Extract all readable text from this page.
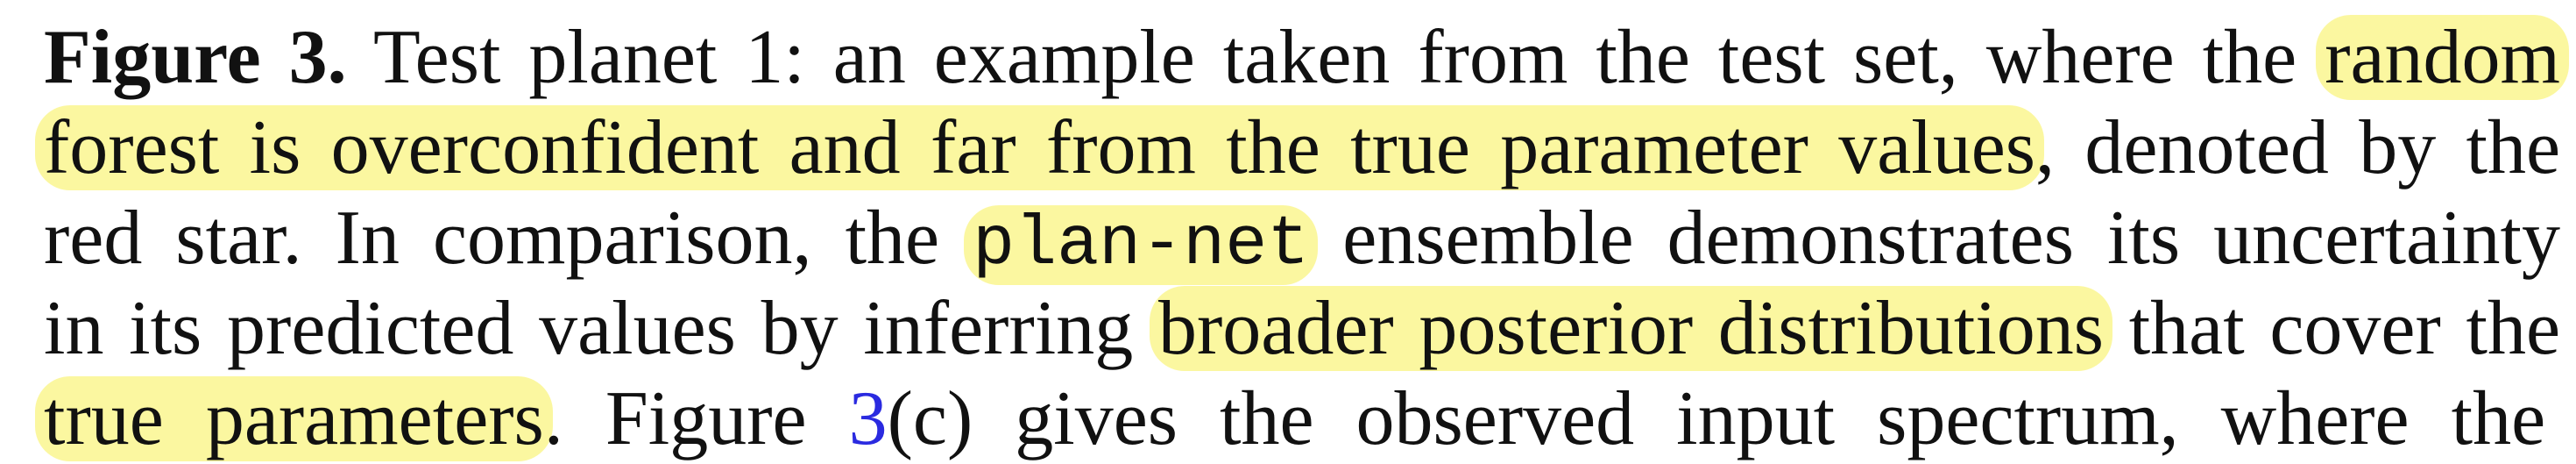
Figure 3. Test planet 1: an example taken from the test set, where the random
forest is overconfident and far from the true parameter values, denoted by the
red star. In comparison, the plan-net ensemble demonstrates its uncertainty
in its predicted values by inferring broader posterior distributions that cover the
true parameters. Figure 3(c) gives the observed input spectrum, where the
